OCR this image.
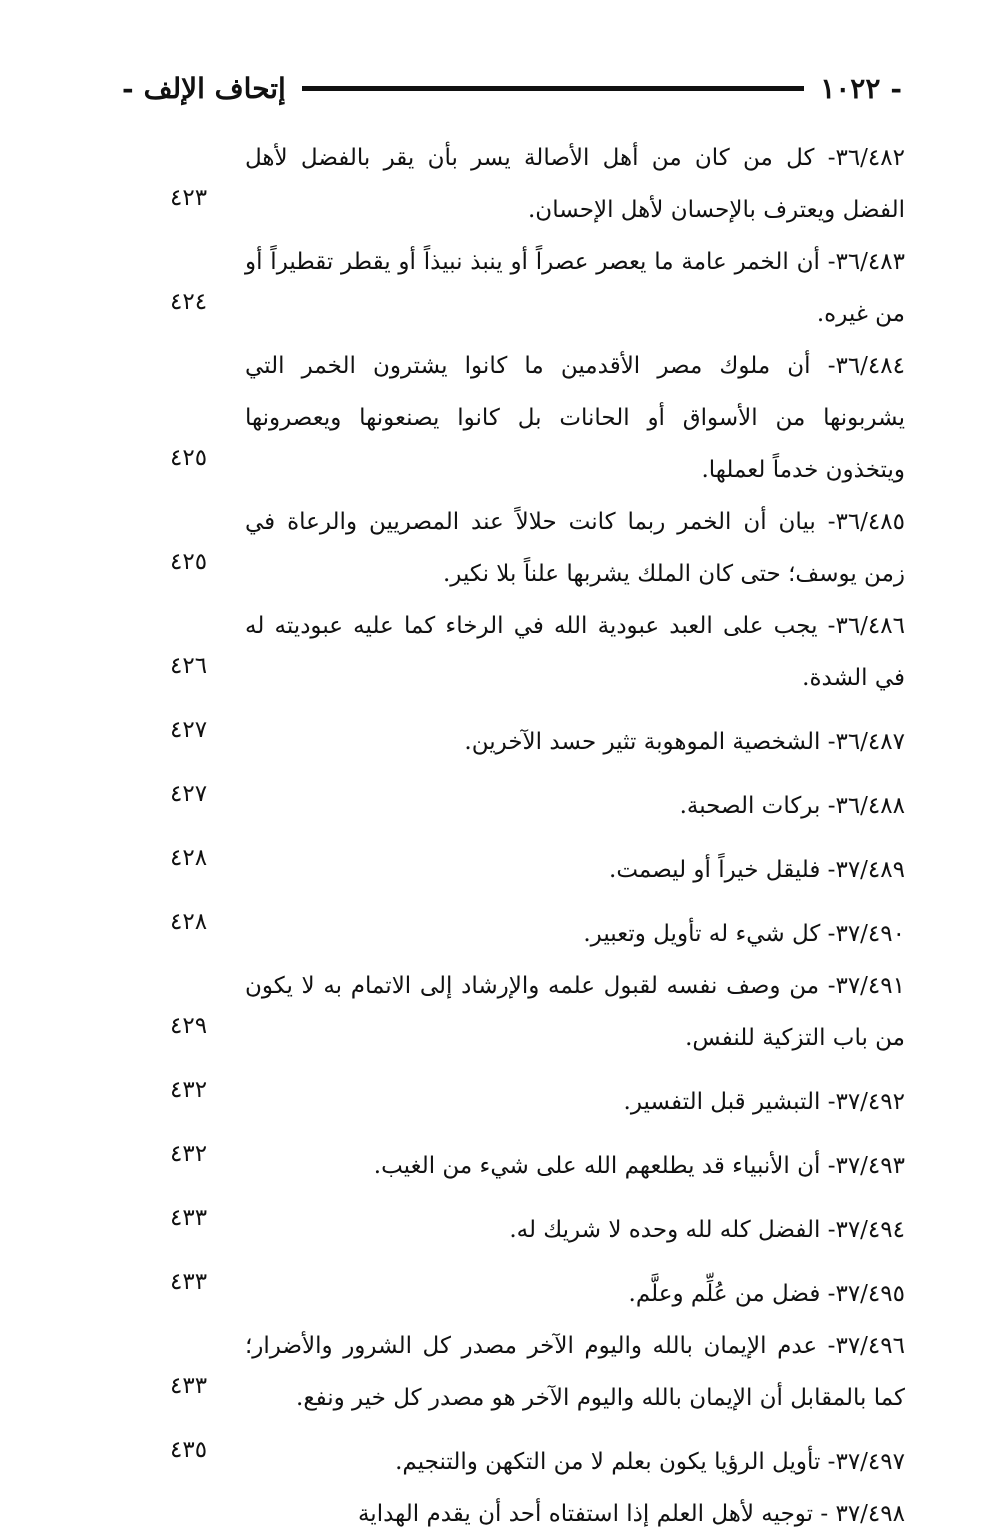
-
١٠٢٢
إتحاف الإلف
-
٣٦/٤٨٢- كل من كان من أهل الأصالة يسر بأن يقر بالفضل لأهل الفضل ويعترف بالإحسان لأهل الإحسان.
٤٢٣
٣٦/٤٨٣- أن الخمر عامة ما يعصر عصراً أو ينبذ نبيذاً أو يقطر تقطيراً أو من غيره.
٤٢٤
٣٦/٤٨٤- أن ملوك مصر الأقدمين ما كانوا يشترون الخمر التي يشربونها من الأسواق أو الحانات بل كانوا يصنعونها ويعصرونها ويتخذون خدماً لعملها.
٤٢٥
٣٦/٤٨٥- بيان أن الخمر ربما كانت حلالاً عند المصريين والرعاة في زمن يوسف؛ حتى كان الملك يشربها علناً بلا نكير.
٤٢٥
٣٦/٤٨٦- يجب على العبد عبودية الله في الرخاء كما عليه عبوديته له في الشدة.
٤٢٦
٣٦/٤٨٧- الشخصية الموهوبة تثير حسد الآخرين.
٤٢٧
٣٦/٤٨٨- بركات الصحبة.
٤٢٧
٣٧/٤٨٩- فليقل خيراً أو ليصمت.
٤٢٨
٣٧/٤٩٠- كل شيء له تأويل وتعبير.
٤٢٨
٣٧/٤٩١- من وصف نفسه لقبول علمه والإرشاد إلى الاتمام به لا يكون من باب التزكية للنفس.
٤٢٩
٣٧/٤٩٢- التبشير قبل التفسير.
٤٣٢
٣٧/٤٩٣- أن الأنبياء قد يطلعهم الله على شيء من الغيب.
٤٣٢
٣٧/٤٩٤- الفضل كله لله وحده لا شريك له.
٤٣٣
٣٧/٤٩٥- فضل من عُلِّم وعلَّم.
٤٣٣
٣٧/٤٩٦- عدم الإيمان بالله واليوم الآخر مصدر كل الشرور والأضرار؛ كما بالمقابل أن الإيمان بالله واليوم الآخر هو مصدر كل خير ونفع.
٤٣٣
٣٧/٤٩٧- تأويل الرؤيا يكون بعلم لا من التكهن والتنجيم.
٤٣٥
٣٧/٤٩٨ - توجيه لأهل العلم إذا استفتاه أحد أن يقدم الهداية
